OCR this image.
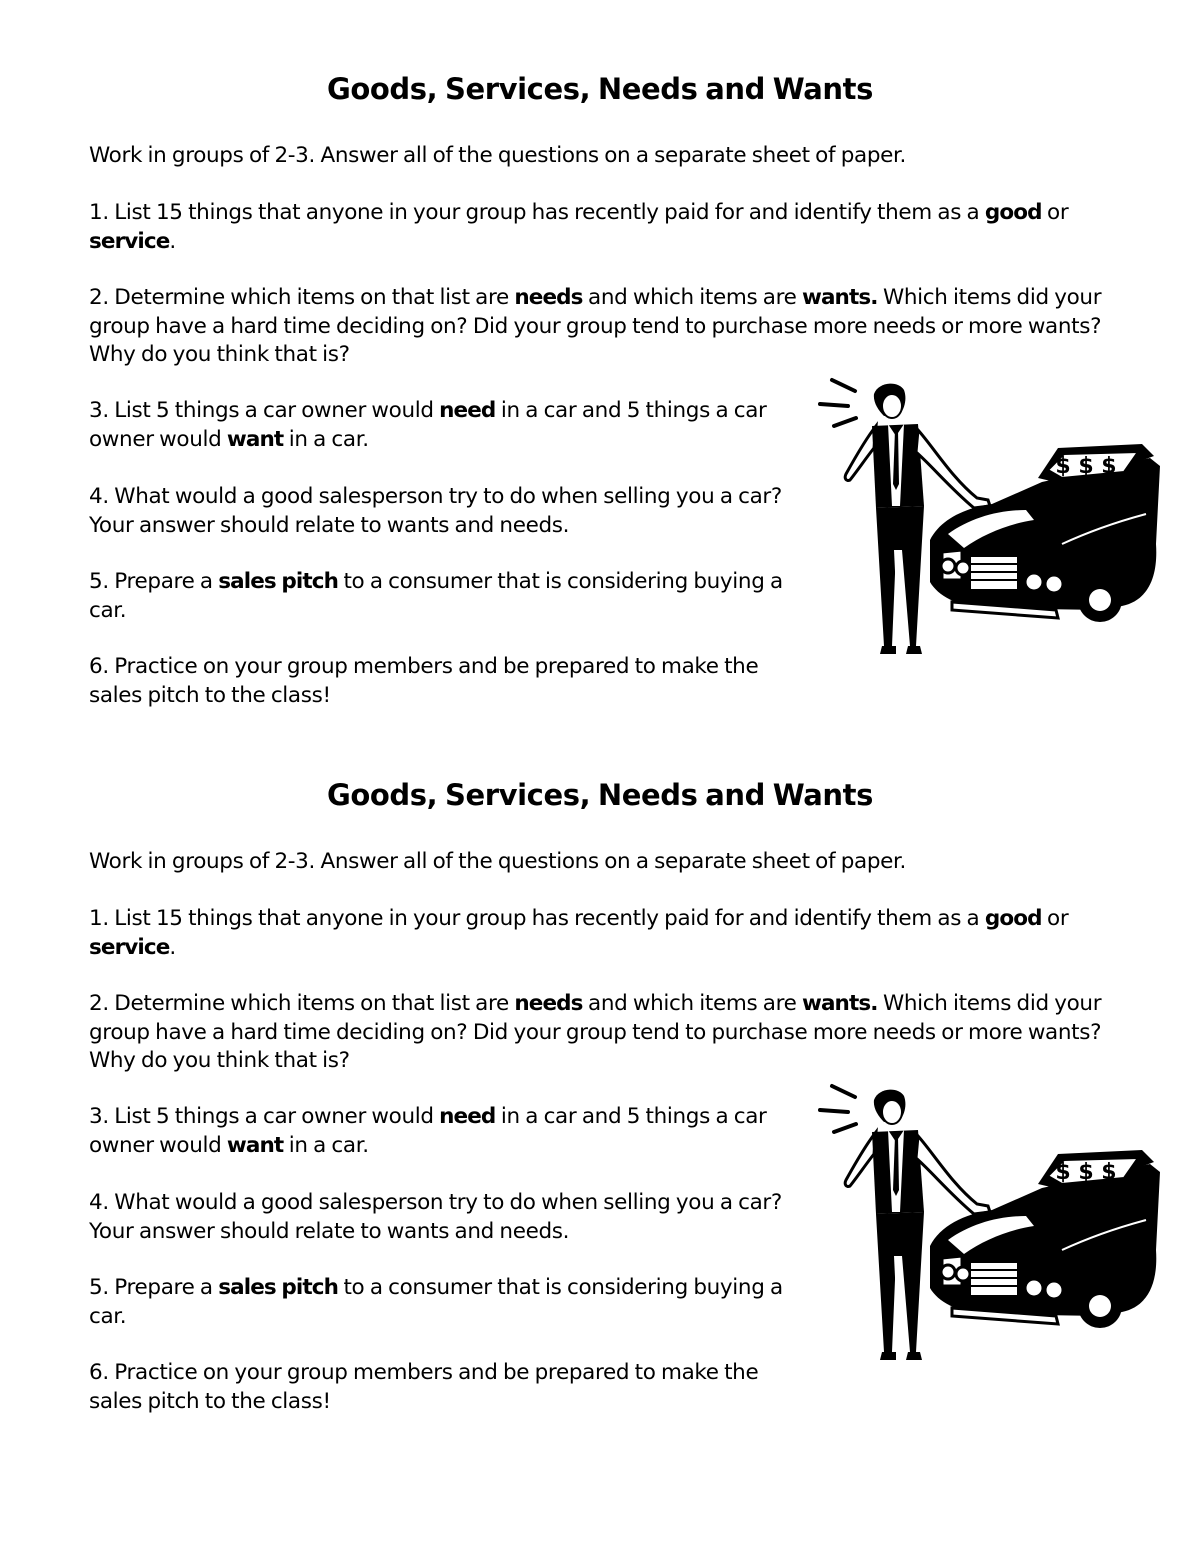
Goods, Services, Needs and Wants

Work in groups of 2-3. Answer all of the questions on a separate sheet of paper.

1. List 15 things that anyone in your group has recently paid for and identify them as a good or service.

2. Determine which items on that list are needs and which items are wants. Which items did your group have a hard time deciding on? Did your group tend to purchase more needs or more wants? Why do you think that is?

3. List 5 things a car owner would need in a car and 5 things a car owner would want in a car.

4. What would a good salesperson try to do when selling you a car? Your answer should relate to wants and needs.

5. Prepare a sales pitch to a consumer that is considering buying a car.

6. Practice on your group members and be prepared to make the sales pitch to the class!

$ $ $
Goods, Services, Needs and Wants

Work in groups of 2-3. Answer all of the questions on a separate sheet of paper.

1. List 15 things that anyone in your group has recently paid for and identify them as a good or service.

2. Determine which items on that list are needs and which items are wants. Which items did your group have a hard time deciding on? Did your group tend to purchase more needs or more wants? Why do you think that is?

3. List 5 things a car owner would need in a car and 5 things a car owner would want in a car.

4. What would a good salesperson try to do when selling you a car? Your answer should relate to wants and needs.

5. Prepare a sales pitch to a consumer that is considering buying a car.

6. Practice on your group members and be prepared to make the sales pitch to the class!

$ $ $
